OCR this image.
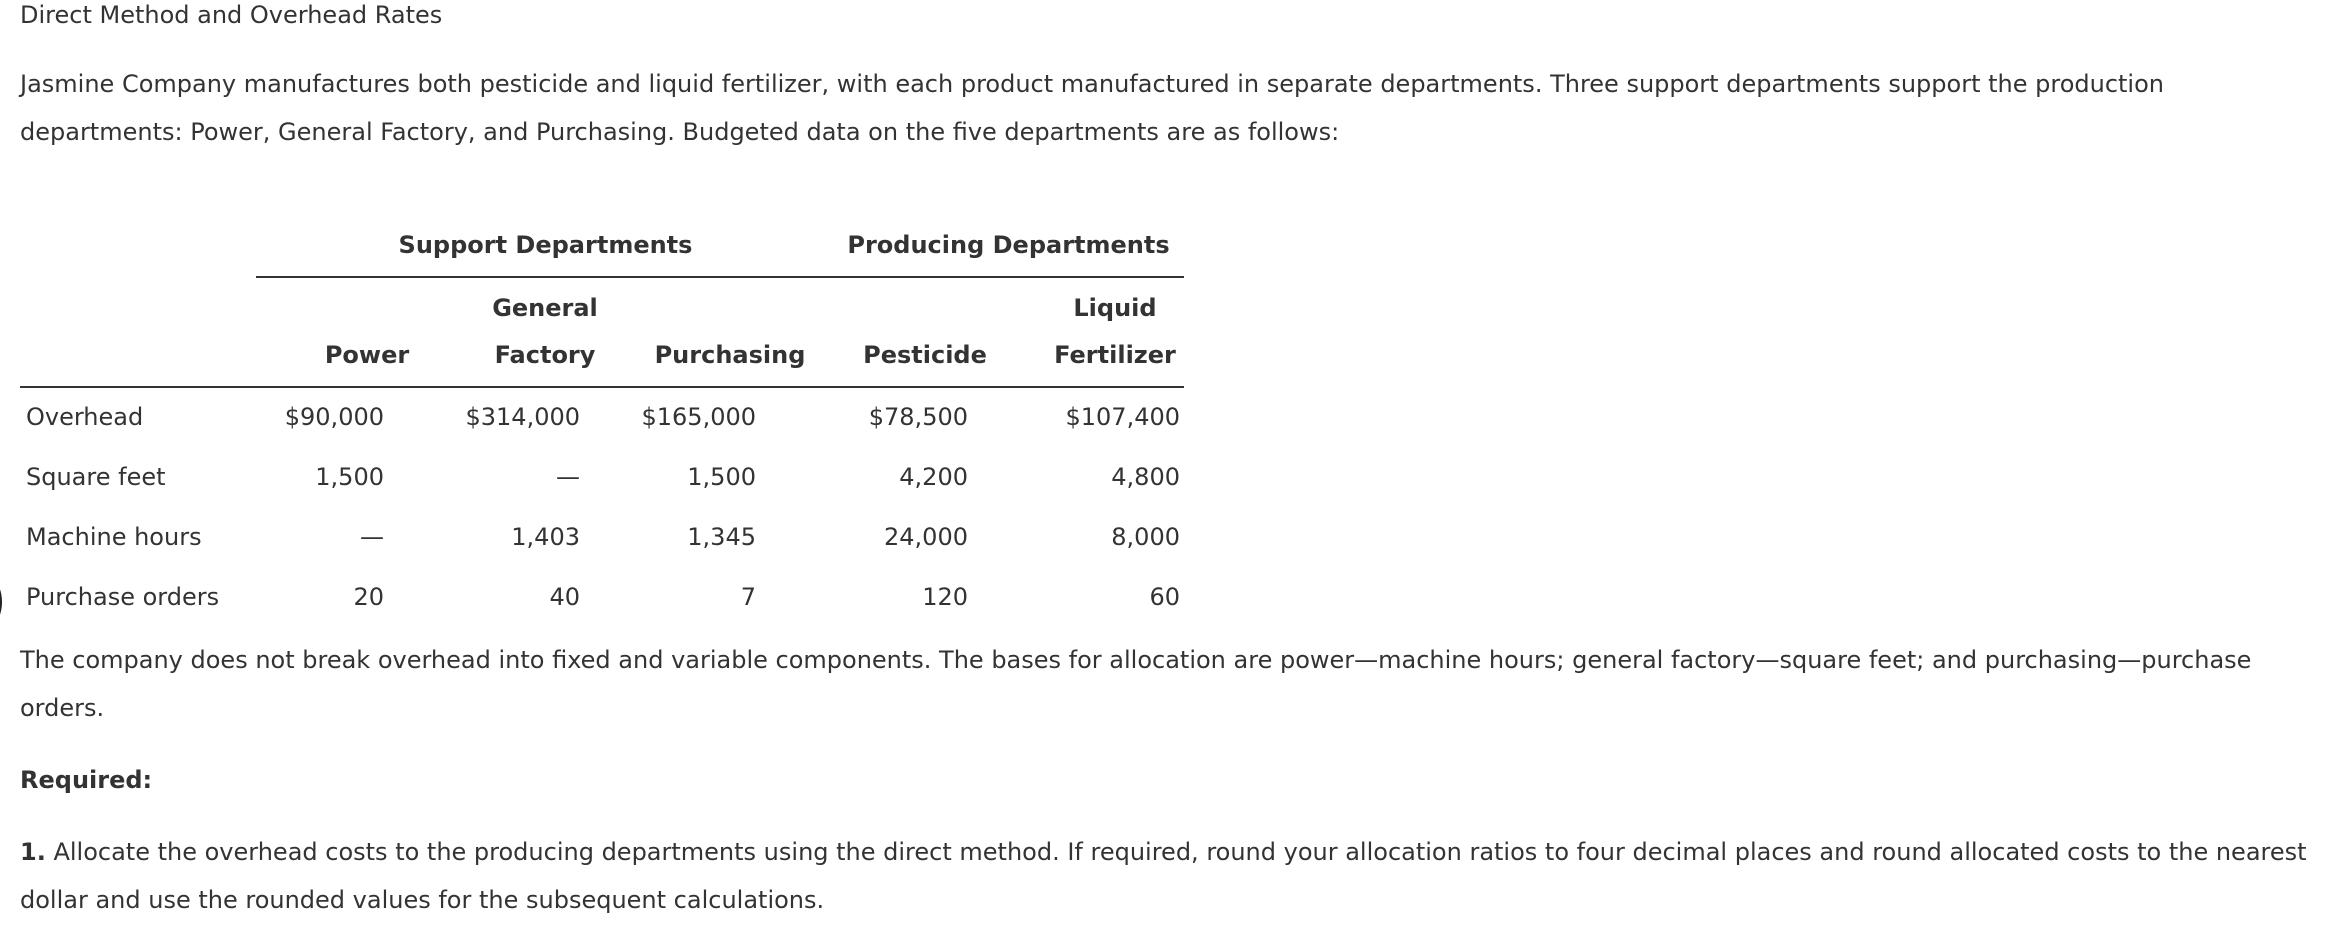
Direct Method and Overhead Rates
Jasmine Company manufactures both pesticide and liquid fertilizer, with each product manufactured in separate departments. Three support departments support the production
departments: Power, General Factory, and Purchasing. Budgeted data on the five departments are as follows:
Support Departments	Producing Departments
General	Liquid
Power	Factory	Purchasing	Pesticide	Fertilizer
Overhead	$90,000	$314,000	$165,000	$78,500	$107,400
Square feet	1,500	—	1,500	4,200	4,800
Machine hours	—	1,403	1,345	24,000	8,000
Purchase orders	20	40	7	120	60
The company does not break overhead into fixed and variable components. The bases for allocation are power—machine hours; general factory—square feet; and purchasing—purchase
orders.
Required:
1. Allocate the overhead costs to the producing departments using the direct method. If required, round your allocation ratios to four decimal places and round allocated costs to the nearest
dollar and use the rounded values for the subsequent calculations.
